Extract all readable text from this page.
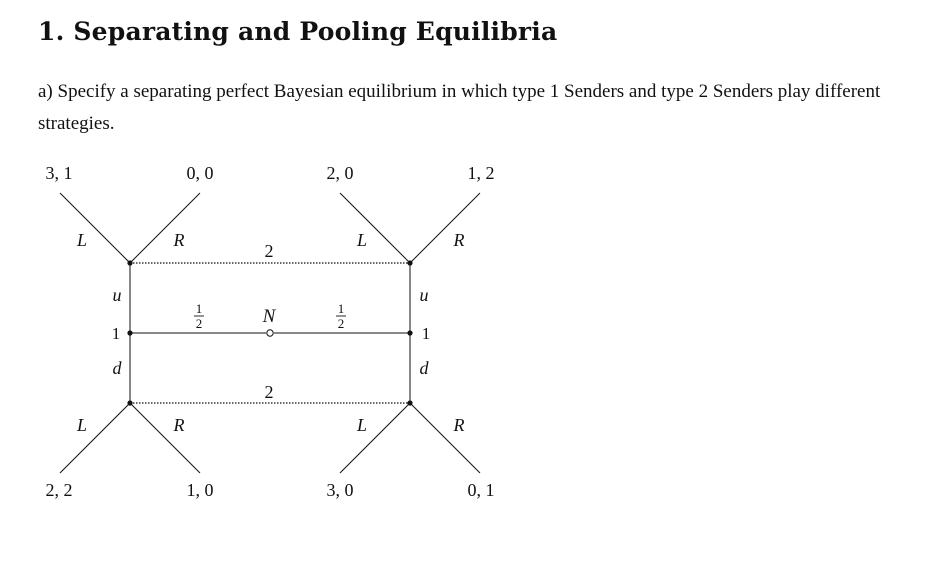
1. Separating and Pooling Equilibria

a) Specify a separating perfect Bayesian equilibrium in which type 1 Senders and type 2 Senders play different strategies.

3, 1	0, 0	2, 0	1, 2
2, 2	1, 0	3, 0	0, 1
L	R	L	R
L	R	L	R
u
d
u
d
1	1
2
2
N
1
2
1
2
